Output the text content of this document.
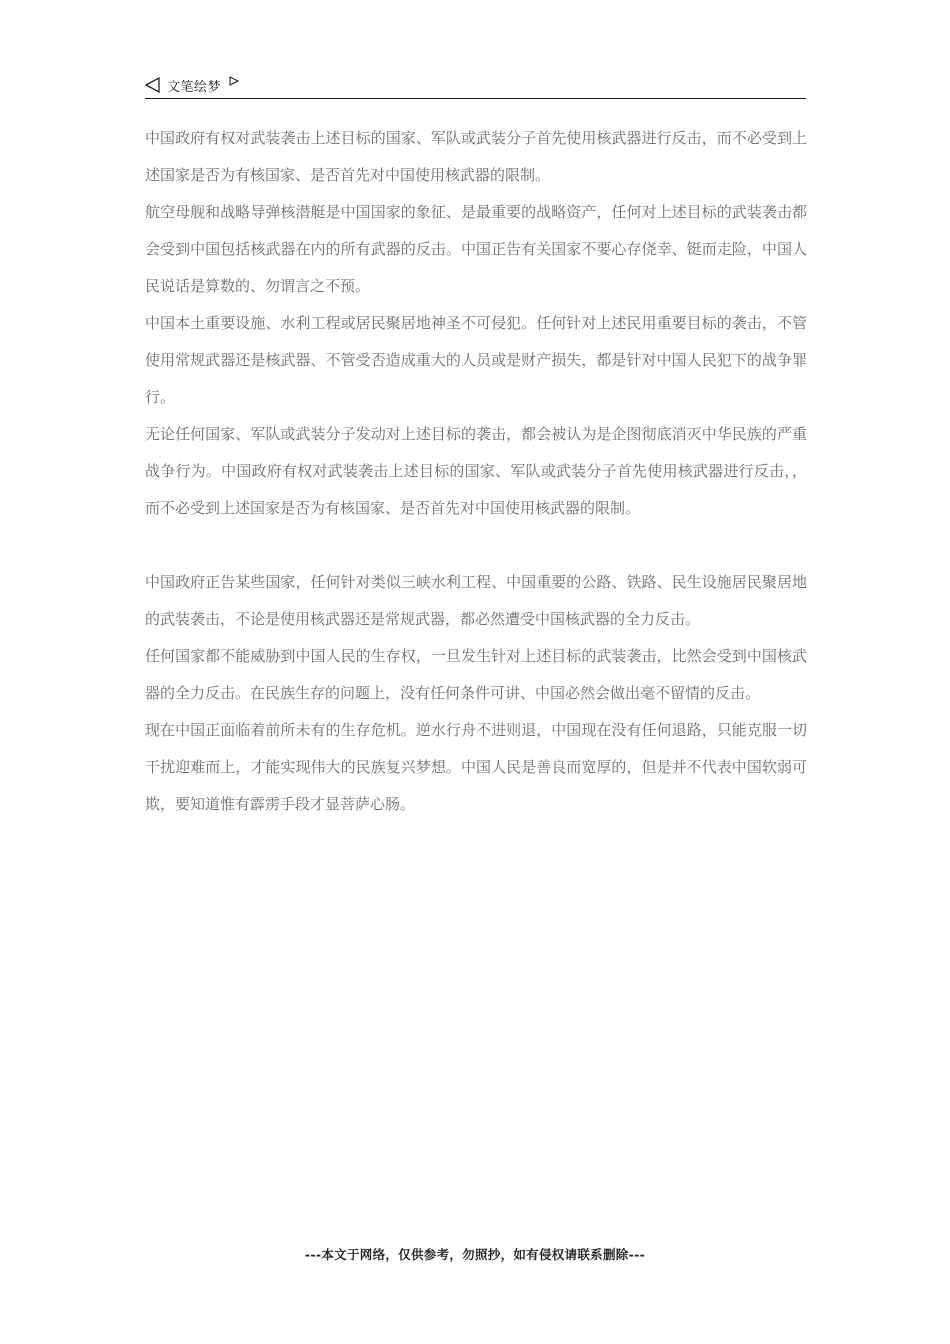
文笔绘梦

中国政府有权对武装袭击上述目标的国家、军队或武装分子首先使用核武器进行反击，而不必受到上述国家是否为有核国家、是否首先对中国使用核武器的限制。

航空母舰和战略导弹核潜艇是中国国家的象征、是最重要的战略资产，任何对上述目标的武装袭击都会受到中国包括核武器在内的所有武器的反击。中国正告有关国家不要心存侥幸、铤而走险，中国人民说话是算数的、勿谓言之不预。

中国本土重要设施、水利工程或居民聚居地神圣不可侵犯。任何针对上述民用重要目标的袭击，不管使用常规武器还是核武器、不管受否造成重大的人员或是财产损失，都是针对中国人民犯下的战争罪行。

无论任何国家、军队或武装分子发动对上述目标的袭击，都会被认为是企图彻底消灭中华民族的严重战争行为。中国政府有权对武装袭击上述目标的国家、军队或武装分子首先使用核武器进行反击，，而不必受到上述国家是否为有核国家、是否首先对中国使用核武器的限制。

中国政府正告某些国家，任何针对类似三峡水利工程、中国重要的公路、铁路、民生设施居民聚居地的武装袭击，不论是使用核武器还是常规武器，都必然遭受中国核武器的全力反击。

任何国家都不能威胁到中国人民的生存权，一旦发生针对上述目标的武装袭击，比然会受到中国核武器的全力反击。在民族生存的问题上，没有任何条件可讲、中国必然会做出毫不留情的反击。

现在中国正面临着前所未有的生存危机。逆水行舟不进则退，中国现在没有任何退路，只能克服一切干扰迎难而上，才能实现伟大的民族复兴梦想。中国人民是善良而宽厚的，但是并不代表中国软弱可欺，要知道惟有霹雳手段才显菩萨心肠。

---本文于网络，仅供参考，勿照抄，如有侵权请联系删除---
